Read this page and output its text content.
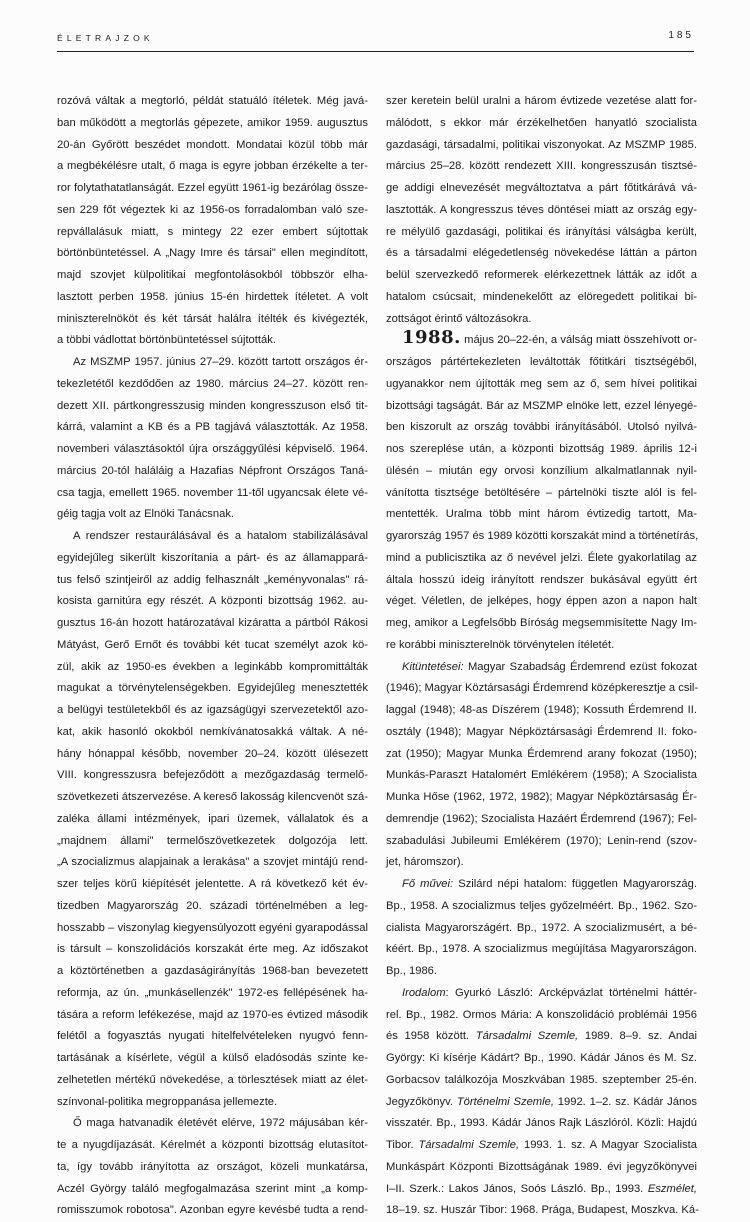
ÉLETRAJZOK	185
rozóvá váltak a megtorló, példát statuáló ítéletek. Még javá-
ban működött a megtorlás gépezete, amikor 1959. augusztus
20-án Győrött beszédet mondott. Mondatai közül több már
a megbékélésre utalt, ő maga is egyre jobban érzékelte a ter-
ror folytathatatlanságát. Ezzel együtt 1961-ig bezárólag össze-
sen 229 főt végeztek ki az 1956-os forradalomban való sze-
repvállalásuk miatt, s mintegy 22 ezer embert sújtottak
börtönbüntetéssel. A „Nagy Imre és társai" ellen megindított,
majd szovjet külpolitikai megfontolásokból többször elha-
lasztott perben 1958. június 15-én hirdettek ítéletet. A volt
miniszterelnököt és két társát halálra ítélték és kivégezték,
a többi vádlottat börtönbüntetéssel sújtották.
Az MSZMP 1957. június 27–29. között tartott országos ér-
tekezletétől kezdődően az 1980. március 24–27. között ren-
dezett XII. pártkongresszusig minden kongresszuson első tit-
kárrá, valamint a KB és a PB tagjává választották. Az 1958.
novemberi választásoktól újra országgyűlési képviselő. 1964.
március 20-tól haláláig a Hazafias Népfront Országos Taná-
csa tagja, emellett 1965. november 11-től ugyancsak élete vé-
géig tagja volt az Elnöki Tanácsnak.
A rendszer restaurálásával és a hatalom stabilizálásával
egyidejűleg sikerült kiszorítania a párt- és az államappará-
tus felső szintjeiről az addig felhasznált „keményvonalas" rá-
kosista garnitúra egy részét. A központi bizottság 1962. au-
gusztus 16-án hozott határozatával kizáratta a pártból Rákosi
Mátyást, Gerő Ernőt és további két tucat személyt azok kö-
zül, akik az 1950-es években a leginkább kompromittálták
magukat a törvénytelenségekben. Egyidejűleg menesztették
a belügyi testületekből és az igazságügyi szervezetektől azo-
kat, akik hasonló okokból nemkívánatosakká váltak. A né-
hány hónappal később, november 20–24. között ülésezett
VIII. kongresszusra befejeződött a mezőgazdaság termelő-
szövetkezeti átszervezése. A kereső lakosság kilencvenöt szá-
zaléka állami intézmények, ipari üzemek, vállalatok és a
„majdnem állami" termelőszövetkezetek dolgozója lett.
„A szocializmus alapjainak a lerakása" a szovjet mintájú rend-
szer teljes körű kiépítését jelentette. A rá következő két év-
tizedben Magyarország 20. századi történelmében a leg-
hosszabb – viszonylag kiegyensúlyozott egyéni gyarapodással
is társult – konszolidációs korszakát érte meg. Az időszakot
a köztörténetben a gazdaságirányítás 1968-ban bevezetett
reformja, az ún. „munkásellenzék" 1972-es fellépésének ha-
tására a reform lefékezése, majd az 1970-es évtized második
felétől a fogyasztás nyugati hitelfelvételeken nyugvó fenn-
tartásának a kísérlete, végül a külső eladósodás szinte ke-
zelhetetlen mértékű növekedése, a törlesztések miatt az élet-
színvonal-politika megroppanása jellemezte.
Ő maga hatvanadik életévét elérve, 1972 májusában kér-
te a nyugdíjazását. Kérelmét a központi bizottság elutasítot-
ta, így tovább irányította az országot, közeli munkatársa,
Aczél György találó megfogalmazása szerint mint „a komp-
romisszumok robotosa". Azonban egyre kevésbé tudta a rend-
szer keretein belül uralni a három évtizede vezetése alatt for-
málódott, s ekkor már érzékelhetően hanyatló szocialista
gazdasági, társadalmi, politikai viszonyokat. Az MSZMP 1985.
március 25–28. között rendezett XIII. kongresszusán tisztsé-
ge addigi elnevezését megváltoztatva a párt főtitkárává vá-
lasztották. A kongresszus téves döntései miatt az ország egy-
re mélyülő gazdasági, politikai és irányítási válságba került,
és a társadalmi elégedetlenség növekedése láttán a párton
belül szervezkedő reformerek elérkezettnek látták az időt a
hatalom csúcsait, mindenekelőtt az elöregedett politikai bi-
zottságot érintő változásokra.
1988. május 20–22-én, a válság miatt összehívott or-
országos pártértekezleten leváltották főtitkári tisztségéből,
ugyanakkor nem újították meg sem az ő, sem hívei politikai
bizottsági tagságát. Bár az MSZMP elnöke lett, ezzel lényegé-
ben kiszorult az ország további irányításából. Utolsó nyilvá-
nos szereplése után, a központi bizottság 1989. április 12-i
ülésén – miután egy orvosi konzílium alkalmatlannak nyil-
vánította tisztsége betöltésére – pártelnöki tiszte alól is fel-
mentették. Uralma több mint három évtizedig tartott, Ma-
gyarország 1957 és 1989 közötti korszakát mind a történetírás,
mind a publicisztika az ő nevével jelzi. Élete gyakorlatilag az
általa hosszú ideig irányított rendszer bukásával együtt ért
véget. Véletlen, de jelképes, hogy éppen azon a napon halt
meg, amikor a Legfelsőbb Bíróság megsemmisítette Nagy Im-
re korábbi miniszterelnök törvénytelen ítéletét.
Kitüntetései: Magyar Szabadság Érdemrend ezüst fokozat
(1946); Magyar Köztársasági Érdemrend középkeresztje a csil-
laggal (1948); 48-as Díszérem (1948); Kossuth Érdemrend II.
osztály (1948); Magyar Népköztársasági Érdemrend II. foko-
zat (1950); Magyar Munka Érdemrend arany fokozat (1950);
Munkás-Paraszt Hatalomért Emlékérem (1958); A Szocialista
Munka Hőse (1962, 1972, 1982); Magyar Népköztársaság Ér-
demrendje (1962); Szocialista Hazáért Érdemrend (1967); Fel-
szabadulási Jubileumi Emlékérem (1970); Lenin-rend (szov-
jet, háromszor).
Fő művei: Szilárd népi hatalom: független Magyarország.
Bp., 1958. A szocializmus teljes győzelméért. Bp., 1962. Szo-
cialista Magyarországért. Bp., 1972. A szocializmusért, a bé-
kéért. Bp., 1978. A szocializmus megújítása Magyarországon.
Bp., 1986.
Irodalom: Gyurkó László: Arcképvázlat történelmi háttér-
rel. Bp., 1982. Ormos Mária: A konszolidáció problémái 1956
és 1958 között. Társadalmi Szemle, 1989. 8–9. sz. Andai
György: Ki kísérje Kádárt? Bp., 1990. Kádár János és M. Sz.
Gorbacsov találkozója Moszkvában 1985. szeptember 25-én.
Jegyzőkönyv. Történelmi Szemle, 1992. 1–2. sz. Kádár János
visszatér. Bp., 1993. Kádár János Rajk Lászlóról. Közli: Hajdú
Tibor. Társadalmi Szemle, 1993. 1. sz. A Magyar Szocialista
Munkáspárt Központi Bizottságának 1989. évi jegyzőkönyvei
I–II. Szerk.: Lakos János, Soós László. Bp., 1993. Eszmélet,
18–19. sz. Huszár Tibor: 1968. Prága, Budapest, Moszkva. Ká-
